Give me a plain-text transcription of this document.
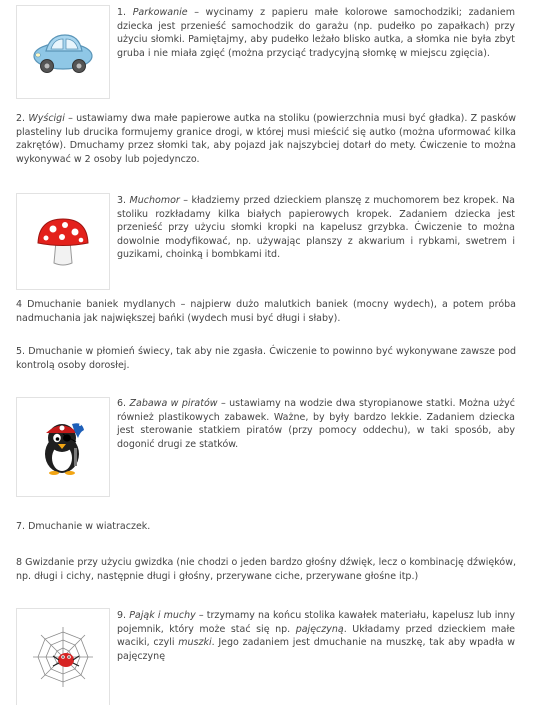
1. Parkowanie – wycinamy z papieru małe kolorowe samochodziki; zadaniem dziecka jest przenieść samochodzik do garażu (np. pudełko po zapałkach) przy użyciu słomki. Pamiętajmy, aby pudełko leżało blisko autka, a słomka nie była zbyt gruba i nie miała zgięć (można przyciąć tradycyjną słomkę w miejscu zgięcia).

2. Wyścigi – ustawiamy dwa małe papierowe autka na stoliku (powierzchnia musi być gładka). Z pasków plasteliny lub drucika formujemy granice drogi, w której musi mieścić się autko (można uformować kilka zakrętów). Dmuchamy przez słomki tak, aby pojazd jak najszybciej dotarł do mety. Ćwiczenie to można wykonywać w 2 osoby lub pojedynczo.

3. Muchomor – kładziemy przed dzieckiem planszę z muchomorem bez kropek. Na stoliku rozkładamy kilka białych papierowych kropek. Zadaniem dziecka jest przenieść przy użyciu słomki kropki na kapelusz grzybka. Ćwiczenie to można dowolnie modyfikować, np. używając planszy z akwarium i rybkami, swetrem i guzikami, choinką i bombkami itd.

4 Dmuchanie baniek mydlanych – najpierw dużo malutkich baniek (mocny wydech), a potem próba nadmuchania jak największej bańki (wydech musi być długi i słaby).

5. Dmuchanie w płomień świecy, tak aby nie zgasła. Ćwiczenie to powinno być wykonywane zawsze pod kontrolą osoby dorosłej.

6. Zabawa w piratów – ustawiamy na wodzie dwa styropianowe statki. Można użyć również plastikowych zabawek. Ważne, by były bardzo lekkie. Zadaniem dziecka jest sterowanie statkiem piratów (przy pomocy oddechu), w taki sposób, aby dogonić drugi ze statków.

7. Dmuchanie w wiatraczek.

8 Gwizdanie przy użyciu gwizdka (nie chodzi o jeden bardzo głośny dźwięk, lecz o kombinację dźwięków, np. długi i cichy, następnie długi i głośny, przerywane ciche, przerywane głośne itp.)

9. Pająk i muchy – trzymamy na końcu stolika kawałek materiału, kapelusz lub inny pojemnik, który może stać się np. pajęczyną. Układamy przed dzieckiem małe waciki, czyli muszki. Jego zadaniem jest dmuchanie na muszkę, tak aby wpadła w pajęczynę
